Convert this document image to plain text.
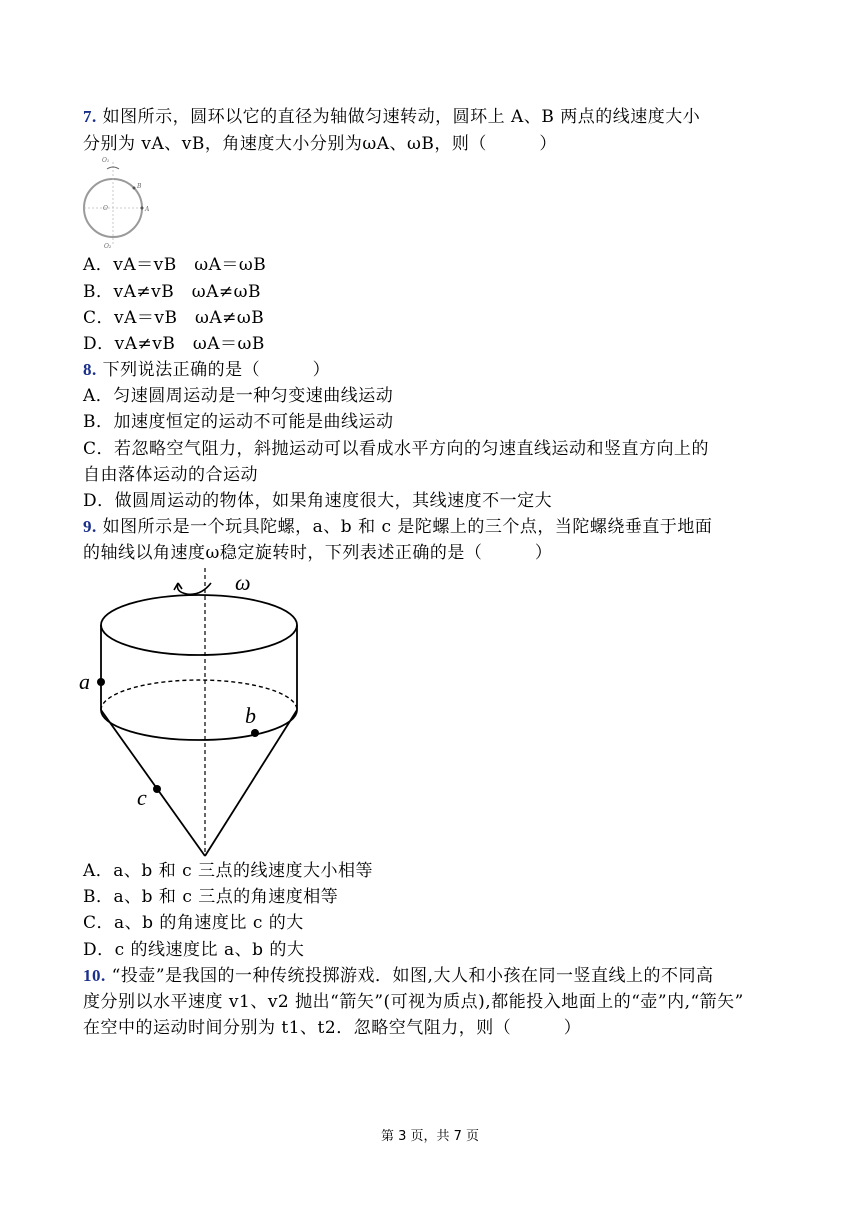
7. 如图所示，圆环以它的直径为轴做匀速转动，圆环上 A、B 两点的线速度大小
分别为 vA、vB，角速度大小分别为ωA、ωB，则（　　　）
O₁
O
B
A
O₂
A．vA＝vB　ωA＝ωB
B．vA≠vB　ωA≠ωB
C．vA＝vB　ωA≠ωB
D．vA≠vB　ωA＝ωB
8. 下列说法正确的是（　　　）
A．匀速圆周运动是一种匀变速曲线运动
B．加速度恒定的运动不可能是曲线运动
C．若忽略空气阻力，斜抛运动可以看成水平方向的匀速直线运动和竖直方向上的
自由落体运动的合运动
D．做圆周运动的物体，如果角速度很大，其线速度不一定大
9. 如图所示是一个玩具陀螺，a、b 和 c 是陀螺上的三个点，当陀螺绕垂直于地面
的轴线以角速度ω稳定旋转时，下列表述正确的是（　　　）
ω
a
b
c
A．a、b 和 c 三点的线速度大小相等
B．a、b 和 c 三点的角速度相等
C．a、b 的角速度比 c 的大
D．c 的线速度比 a、b 的大
10. “投壶”是我国的一种传统投掷游戏．如图,大人和小孩在同一竖直线上的不同高
度分别以水平速度 v1、v2 抛出“箭矢”(可视为质点),都能投入地面上的“壶”内,“箭矢”
在空中的运动时间分别为 t1、t2．忽略空气阻力，则（　　　）
第 3 页，共 7 页
